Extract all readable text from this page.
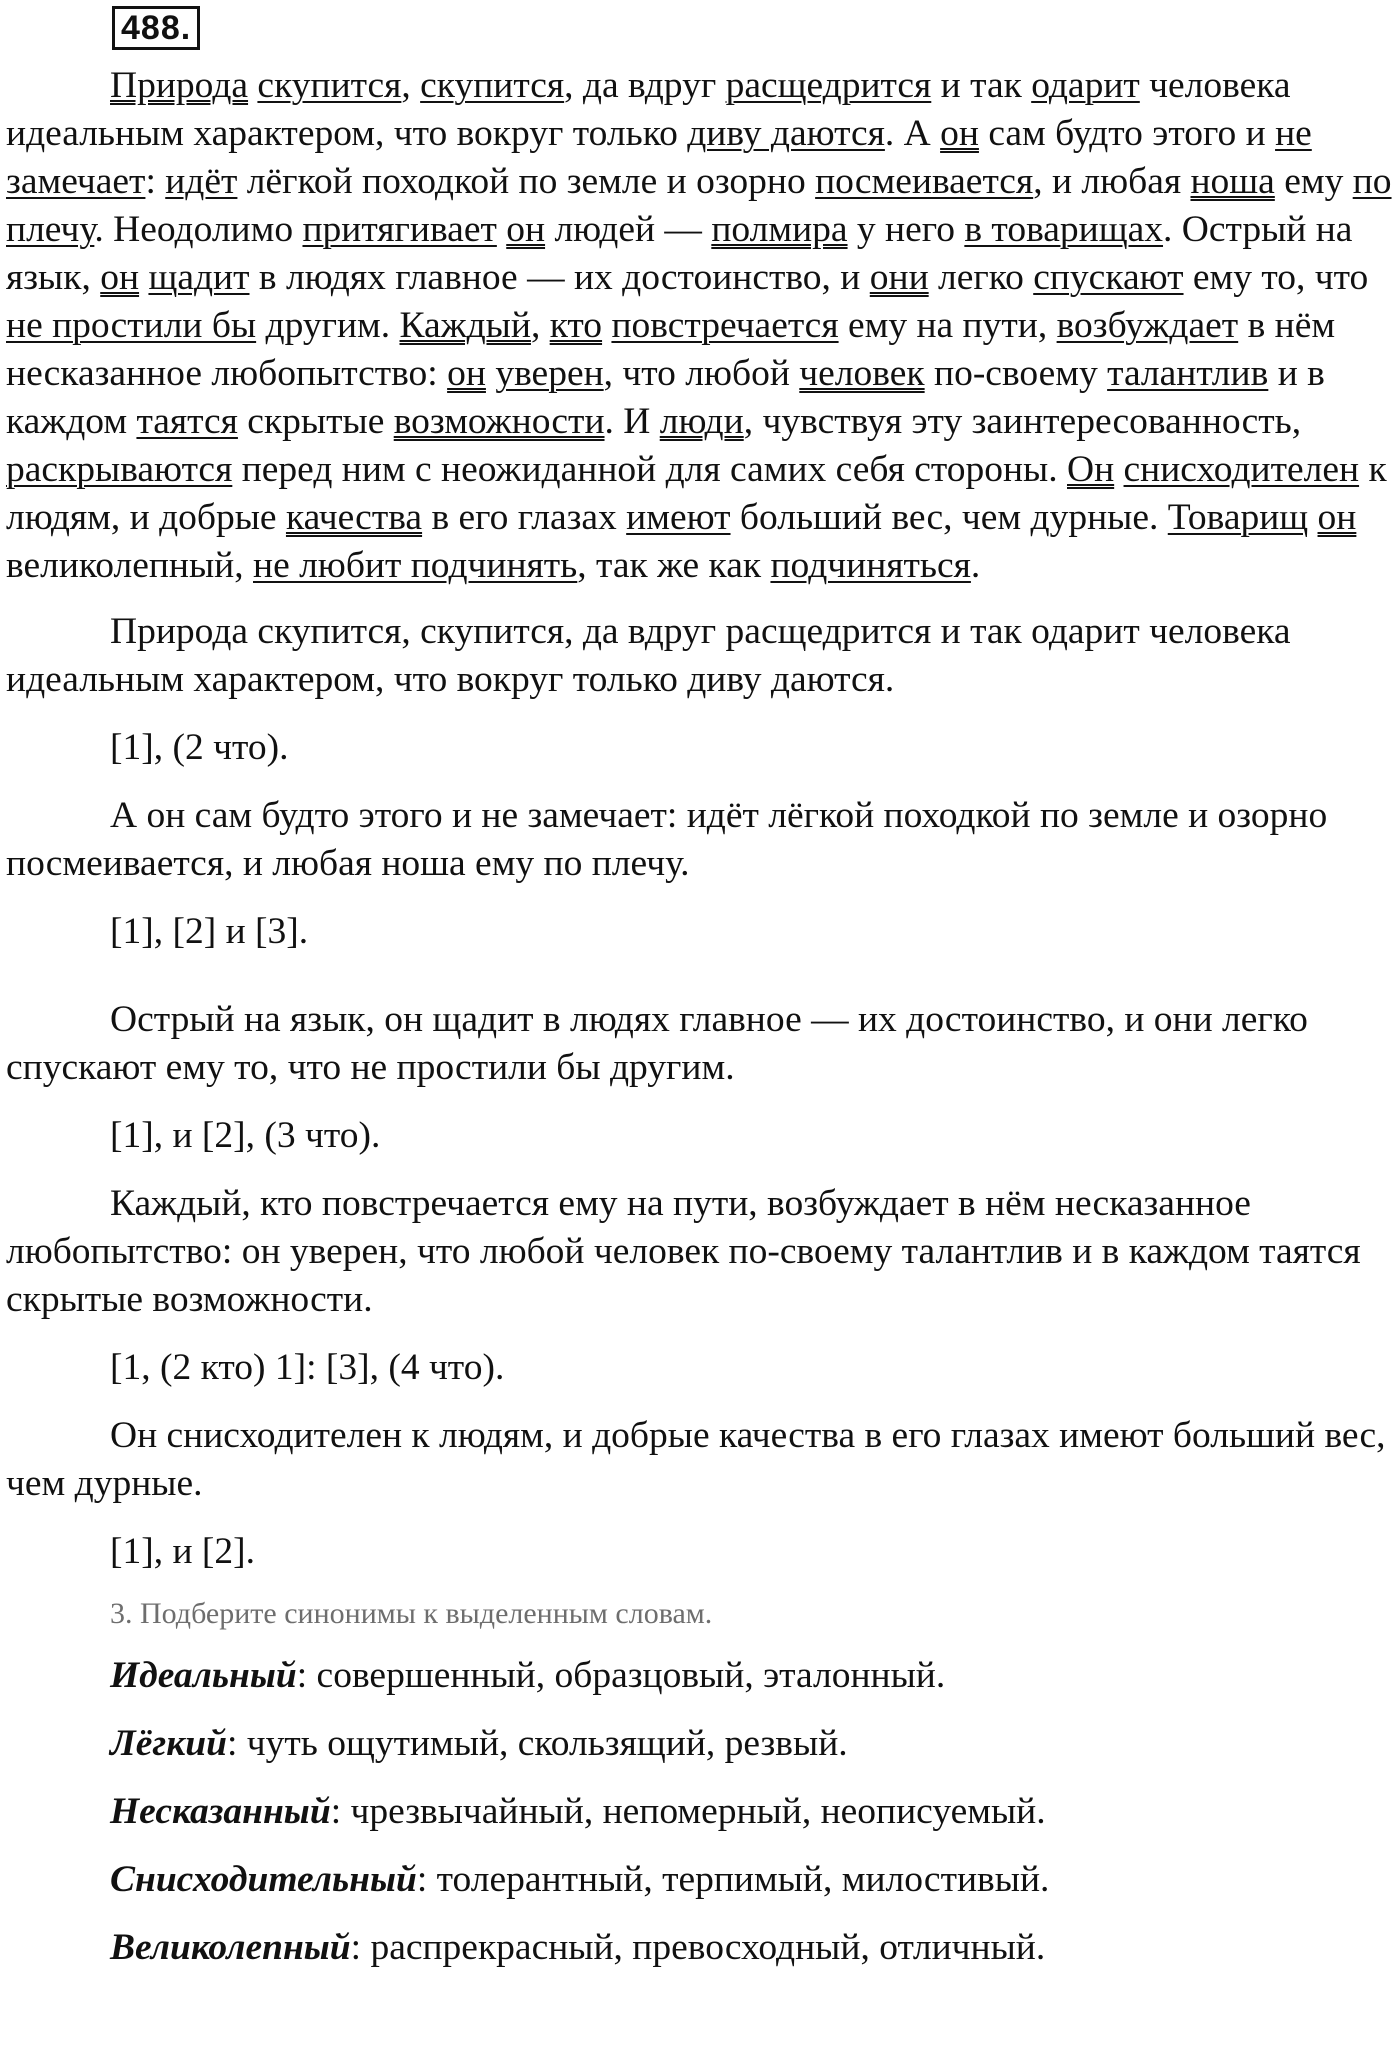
488.

Природа скупится, скупится, да вдруг расщедрится и так одарит человека идеальным характером, что вокруг только диву даются. А он сам будто этого и не замечает: идёт лёгкой походкой по земле и озорно посмеивается, и любая ноша ему по плечу. Неодолимо притягивает он людей — полмира у него в товарищах. Острый на язык, он щадит в людях главное — их достоинство, и они легко спускают ему то, что не простили бы другим. Каждый, кто повстречается ему на пути, возбуждает в нём несказанное любопытство: он уверен, что любой человек по-своему талантлив и в каждом таятся скрытые возможности. И люди, чувствуя эту заинтересованность, раскрываются перед ним с неожиданной для самих себя стороны. Он снисходителен к людям, и добрые качества в его глазах имеют больший вес, чем дурные. Товарищ он великолепный, не любит подчинять, так же как подчиняться.

Природа скупится, скупится, да вдруг расщедрится и так одарит человека идеальным характером, что вокруг только диву даются.

[1], (2 что).

А он сам будто этого и не замечает: идёт лёгкой походкой по земле и озорно посмеивается, и любая ноша ему по плечу.

[1], [2] и [3].

Острый на язык, он щадит в людях главное — их достоинство, и они легко спускают ему то, что не простили бы другим.

[1], и [2], (3 что).

Каждый, кто повстречается ему на пути, возбуждает в нём несказанное любопытство: он уверен, что любой человек по-своему талантлив и в каждом таятся скрытые возможности.

[1, (2 кто) 1]: [3], (4 что).

Он снисходителен к людям, и добрые качества в его глазах имеют больший вес, чем дурные.

[1], и [2].

3. Подберите синонимы к выделенным словам.

Идеальный: совершенный, образцовый, эталонный.

Лёгкий: чуть ощутимый, скользящий, резвый.

Несказанный: чрезвычайный, непомерный, неописуемый.

Снисходительный: толерантный, терпимый, милостивый.

Великолепный: распрекрасный, превосходный, отличный.
